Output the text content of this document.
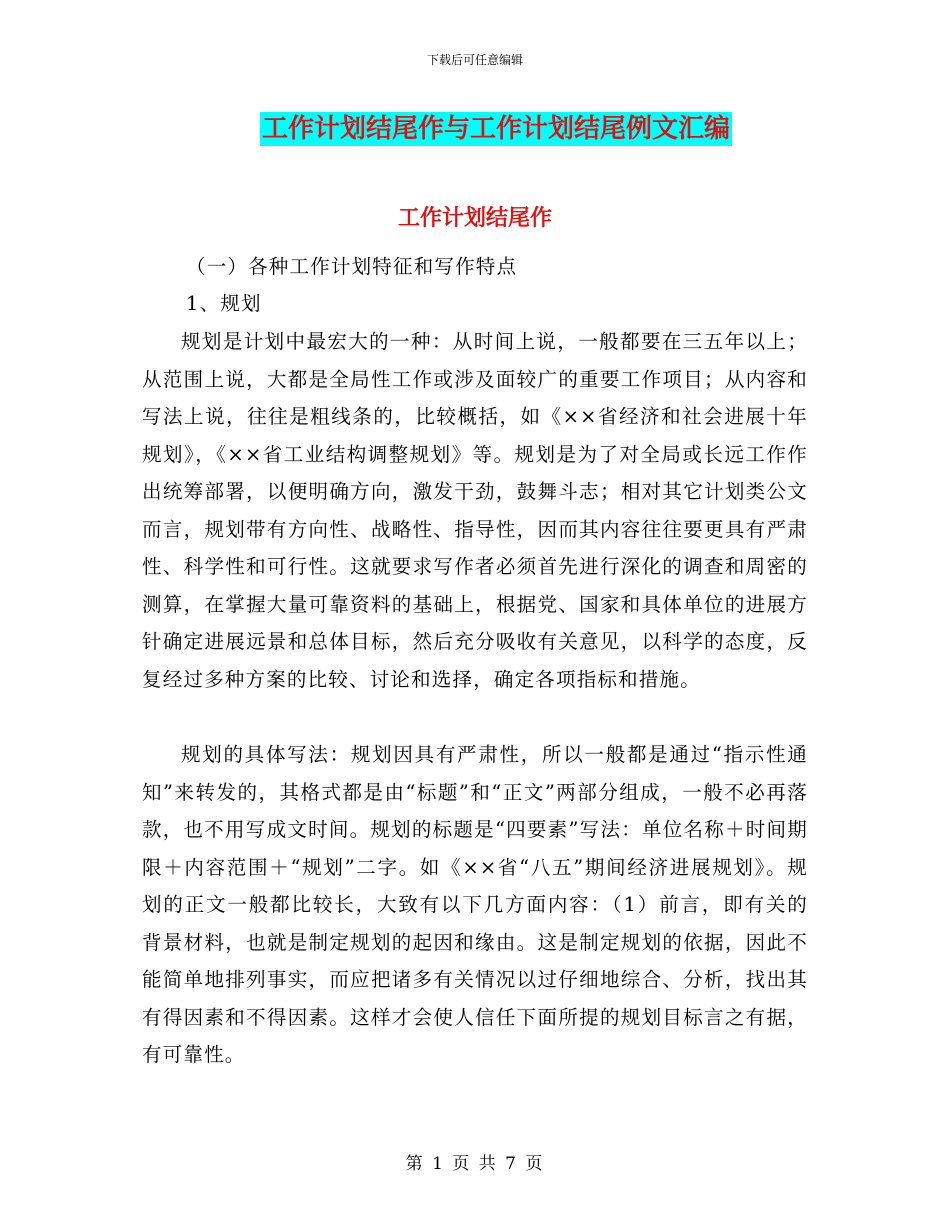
下载后可任意编辑
工作计划结尾作与工作计划结尾例文汇编
工作计划结尾作
（一）各种工作计划特征和写作特点
1、规划

规划是计划中最宏大的一种：从时间上说，一般都要在三五年以上；从范围上说，大都是全局性工作或涉及面较广的重要工作项目；从内容和写法上说，往往是粗线条的，比较概括，如《××省经济和社会进展十年规划》，《××省工业结构调整规划》等。规划是为了对全局或长远工作作出统筹部署，以便明确方向，激发干劲，鼓舞斗志；相对其它计划类公文而言，规划带有方向性、战略性、指导性，因而其内容往往要更具有严肃性、科学性和可行性。这就要求写作者必须首先进行深化的调查和周密的测算，在掌握大量可靠资料的基础上，根据党、国家和具体单位的进展方针确定进展远景和总体目标，然后充分吸收有关意见，以科学的态度，反复经过多种方案的比较、讨论和选择，确定各项指标和措施。

规划的具体写法：规划因具有严肃性，所以一般都是通过“指示性通知”来转发的，其格式都是由“标题”和“正文”两部分组成，一般不必再落款，也不用写成文时间。规划的标题是“四要素”写法：单位名称＋时间期限＋内容范围＋“规划”二字。如《××省“八五”期间经济进展规划》。规划的正文一般都比较长，大致有以下几方面内容：（1）前言，即有关的背景材料，也就是制定规划的起因和缘由。这是制定规划的依据，因此不能简单地排列事实，而应把诸多有关情况以过仔细地综合、分析，找出其有得因素和不得因素。这样才会使人信任下面所提的规划目标言之有据，有可靠性。

第 1 页 共 7 页
